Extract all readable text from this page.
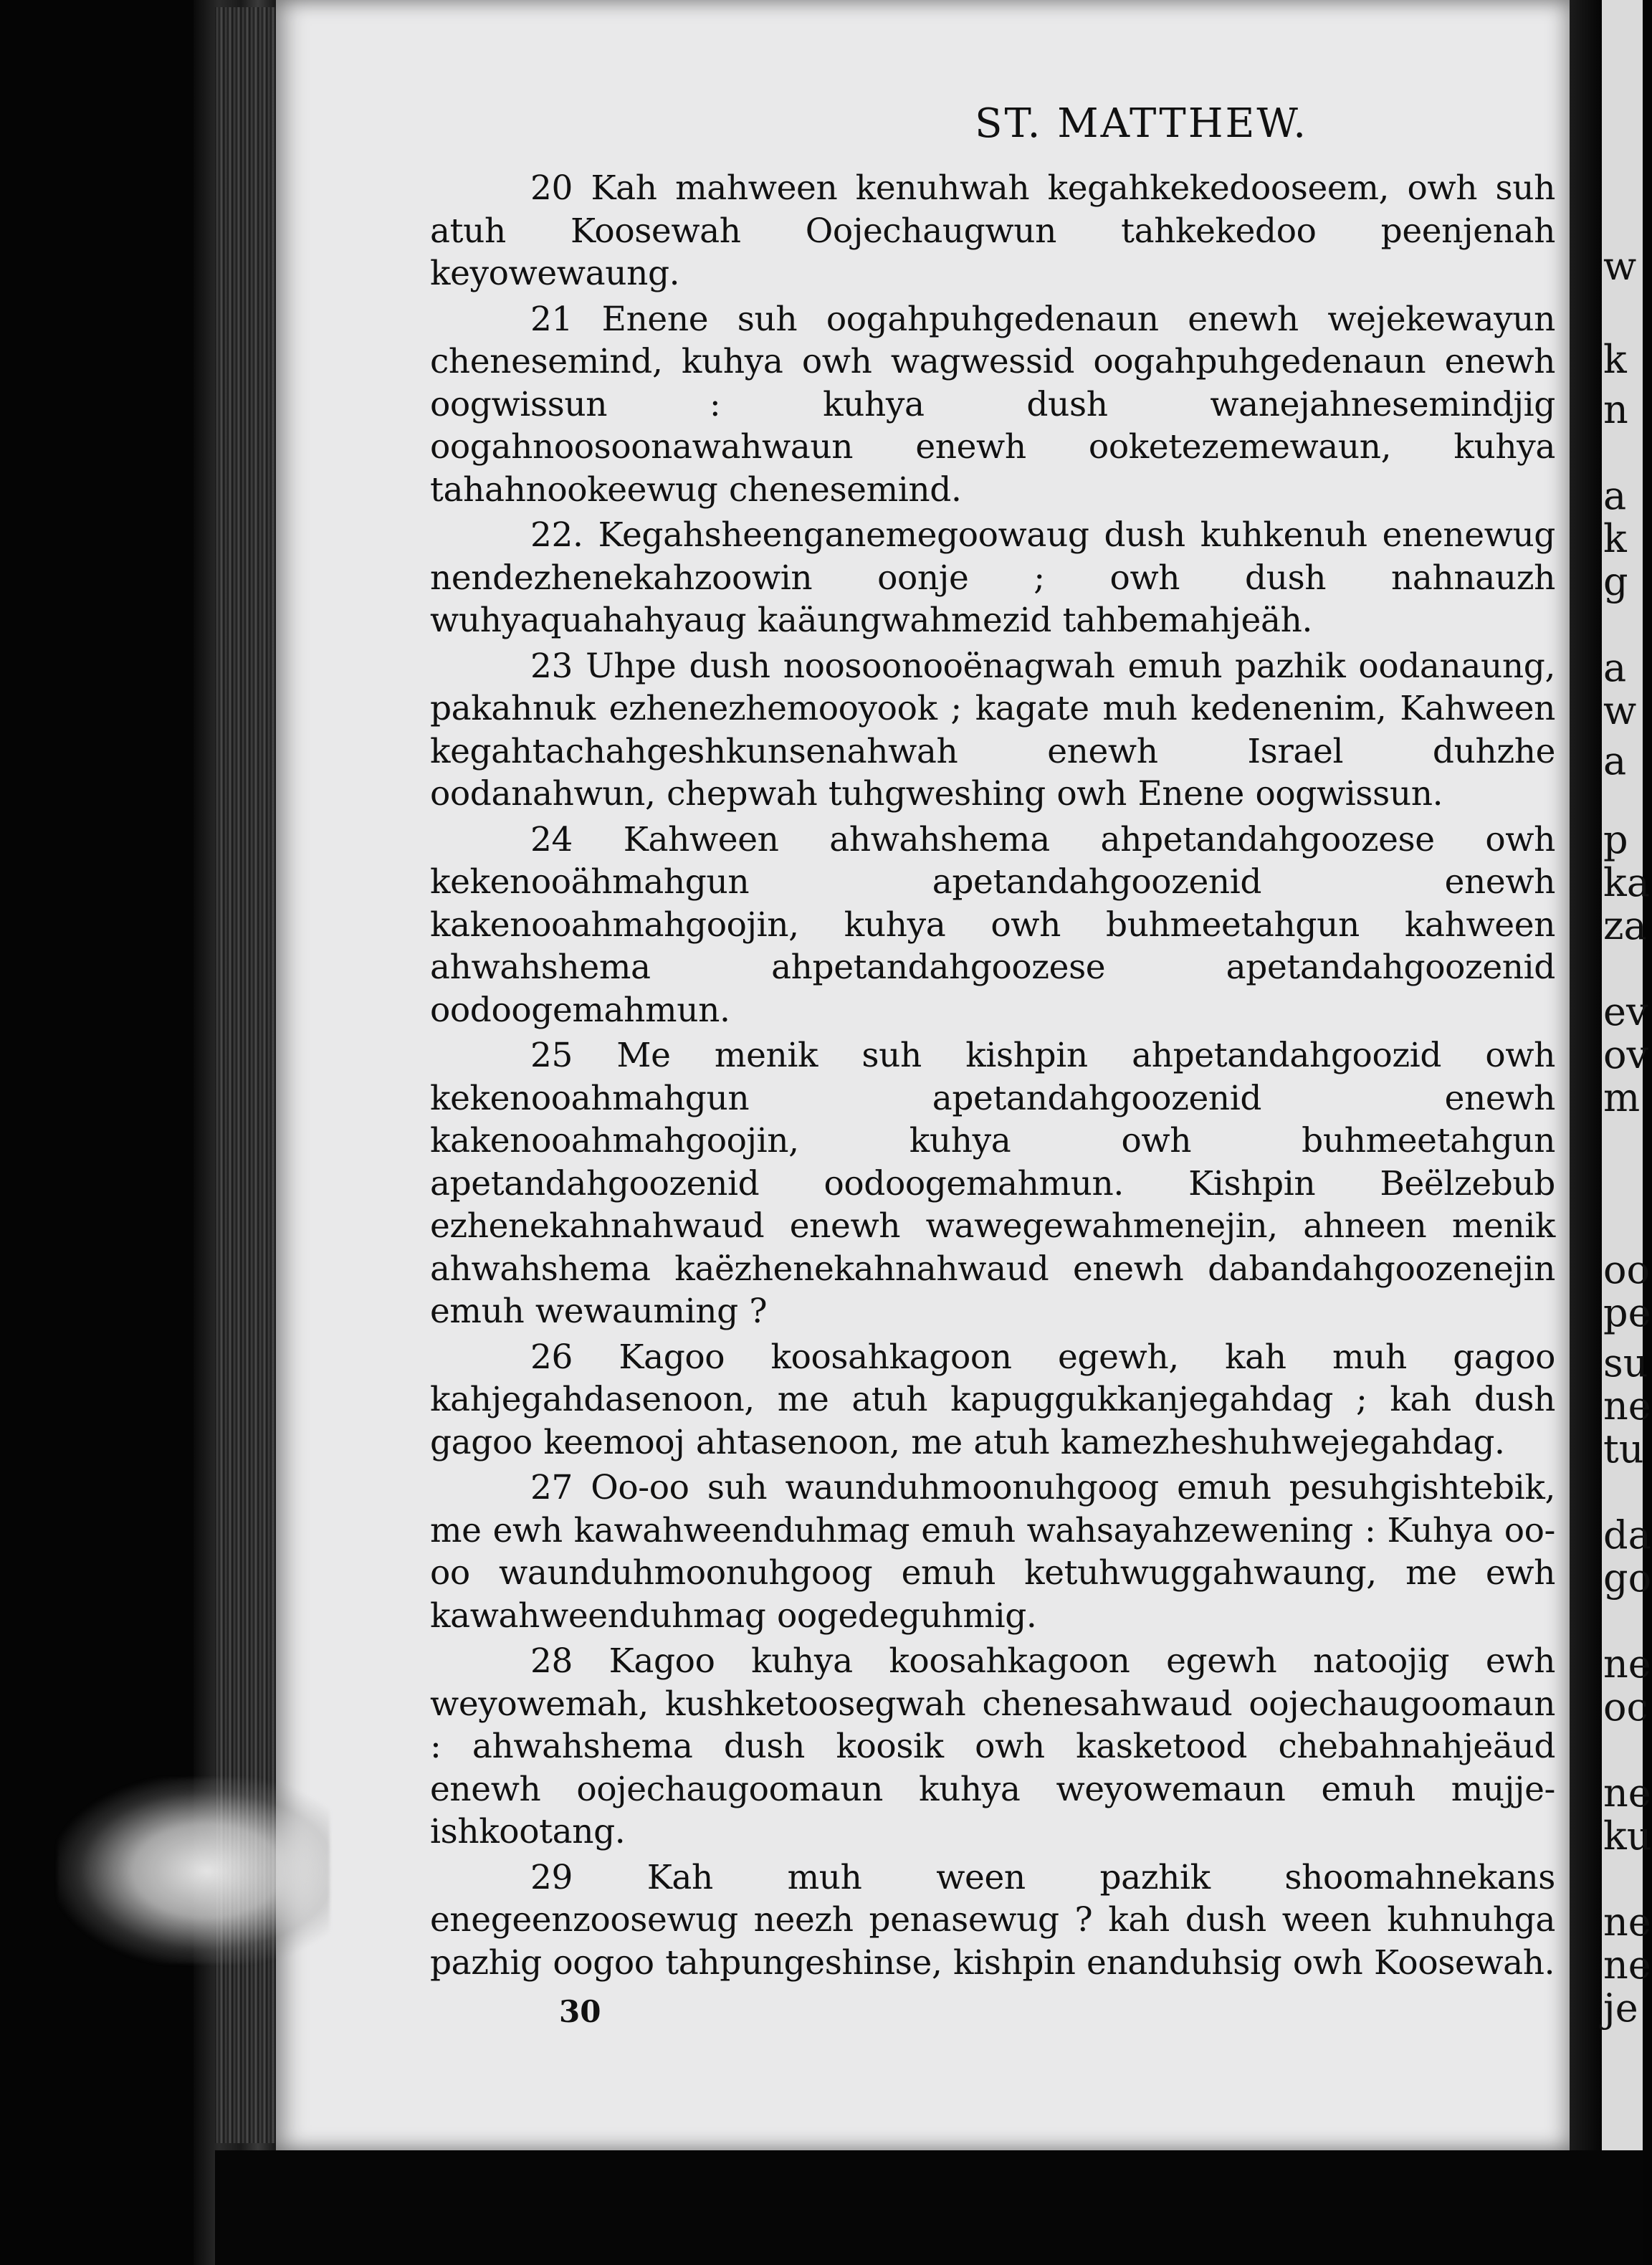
w
k
n
a
k
g
a
w
a
p
ka
za
ev
ov
m
oo
pe
su
ne
tu
da
go
ne
oc
ne
ku
ne
ne
je
ST. MATTHEW.

20 Kah mahween kenuhwah kegahkekedooseem, owh suh atuh Koosewah Oojechaugwun tahkekedoo peenjenah keyowewaung.

21 Enene suh oogahpuhgedenaun enewh wejekewayun chenesemind, kuhya owh wagwessid oogahpuhgedenaun enewh oogwissun : kuhya dush wanejahnesemindjig oogahnoosoonawahwaun enewh ooketezemewaun, kuhya tahahnookeewug chenesemind.

22. Kegahsheenganemegoowaug dush kuhkenuh enenewug nendezhenekahzoowin oonje ; owh dush nahnauzh wuhyaquahahyaug kaäungwahmezid tahbemahjeäh.

23 Uhpe dush noosoonooënagwah emuh pazhik oodanaung, pakahnuk ezhenezhemooyook ; kagate muh kedenenim, Kahween kegahtachahgeshkunsenahwah enewh Israel duhzhe oodanahwun, chepwah tuhgweshing owh Enene oogwissun.

24 Kahween ahwahshema ahpetandahgoozese owh kekenooähmahgun apetandahgoozenid enewh kakenooahmahgoojin, kuhya owh buhmeetahgun kahween ahwahshema ahpetandahgoozese apetandahgoozenid oodoogemahmun.

25 Me menik suh kishpin ahpetandahgoozid owh kekenooahmahgun apetandahgoozenid enewh kakenooahmahgoojin, kuhya owh buhmeetahgun apetandahgoozenid oodoogemahmun. Kishpin Beëlzebub ezhenekahnahwaud enewh wawegewahmenejin, ahneen menik ahwahshema kaëzhenekahnahwaud enewh dabandahgoozenejin emuh wewauming ?

26 Kagoo koosahkagoon egewh, kah muh gagoo kahjegahdasenoon, me atuh kapuggukkanjegahdag ; kah dush gagoo keemooj ahtasenoon, me atuh kamezheshuhwejegahdag.

27 Oo-oo suh waunduhmoonuhgoog emuh pesuhgishtebik, me ewh kawahweenduhmag emuh wahsayahzewening : Kuhya oo-oo waunduhmoonuhgoog emuh ketuhwuggahwaung, me ewh kawahweenduhmag oogedeguhmig.

28 Kagoo kuhya koosahkagoon egewh natoojig ewh weyowemah, kushketoosegwah chenesahwaud oojechaugoomaun : ahwahshema dush koosik owh kasketood chebahnahjeäud enewh oojechaugoomaun kuhya weyowemaun emuh mujje-ishkootang.

29 Kah muh ween pazhik shoomahnekans enegeenzoosewug neezh penasewug ? kah dush ween kuhnuhga pazhig oogoo tahpungeshinse, kishpin enanduhsig owh Koosewah.

30
